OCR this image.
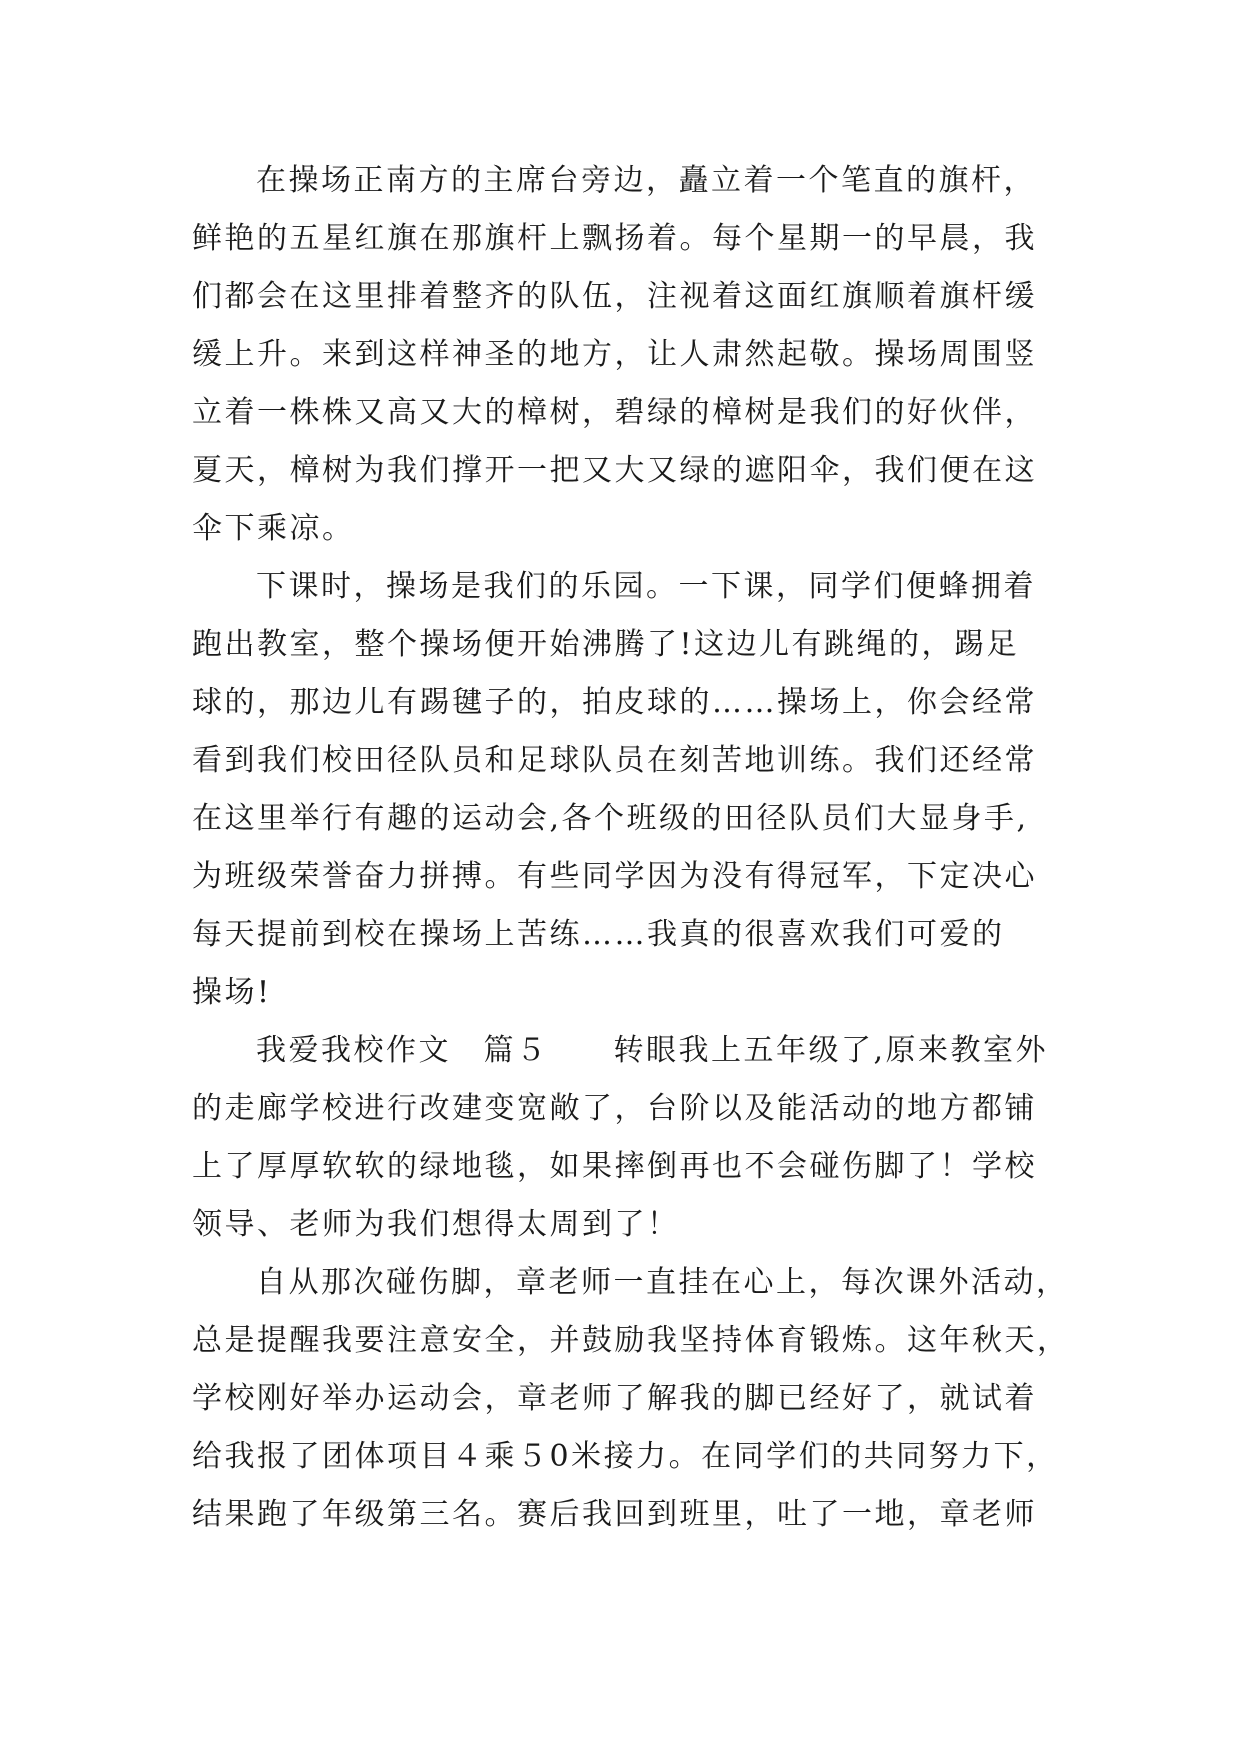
在操场正南方的主席台旁边，矗立着一个笔直的旗杆，
鲜艳的五星红旗在那旗杆上飘扬着。每个星期一的早晨，我
们都会在这里排着整齐的队伍，注视着这面红旗顺着旗杆缓
缓上升。来到这样神圣的地方，让人肃然起敬。操场周围竖
立着一株株又高又大的樟树，碧绿的樟树是我们的好伙伴，
夏天，樟树为我们撑开一把又大又绿的遮阳伞，我们便在这
伞下乘凉。
下课时，操场是我们的乐园。一下课，同学们便蜂拥着
跑出教室，整个操场便开始沸腾了!这边儿有跳绳的，踢足
球的，那边儿有踢毽子的，拍皮球的……操场上，你会经常
看到我们校田径队员和足球队员在刻苦地训练。我们还经常
在这里举行有趣的运动会,各个班级的田径队员们大显身手,
为班级荣誉奋力拼搏。有些同学因为没有得冠军，下定决心
每天提前到校在操场上苦练……我真的很喜欢我们可爱的
操场!
我爱我校作文　篇５　　转眼我上五年级了,原来教室外
的走廊学校进行改建变宽敞了，台阶以及能活动的地方都铺
上了厚厚软软的绿地毯，如果摔倒再也不会碰伤脚了！学校
领导、老师为我们想得太周到了！
自从那次碰伤脚，章老师一直挂在心上，每次课外活动，
总是提醒我要注意安全，并鼓励我坚持体育锻炼。这年秋天，
学校刚好举办运动会，章老师了解我的脚已经好了，就试着
给我报了团体项目４乘５0米接力。在同学们的共同努力下，
结果跑了年级第三名。赛后我回到班里，吐了一地，章老师
